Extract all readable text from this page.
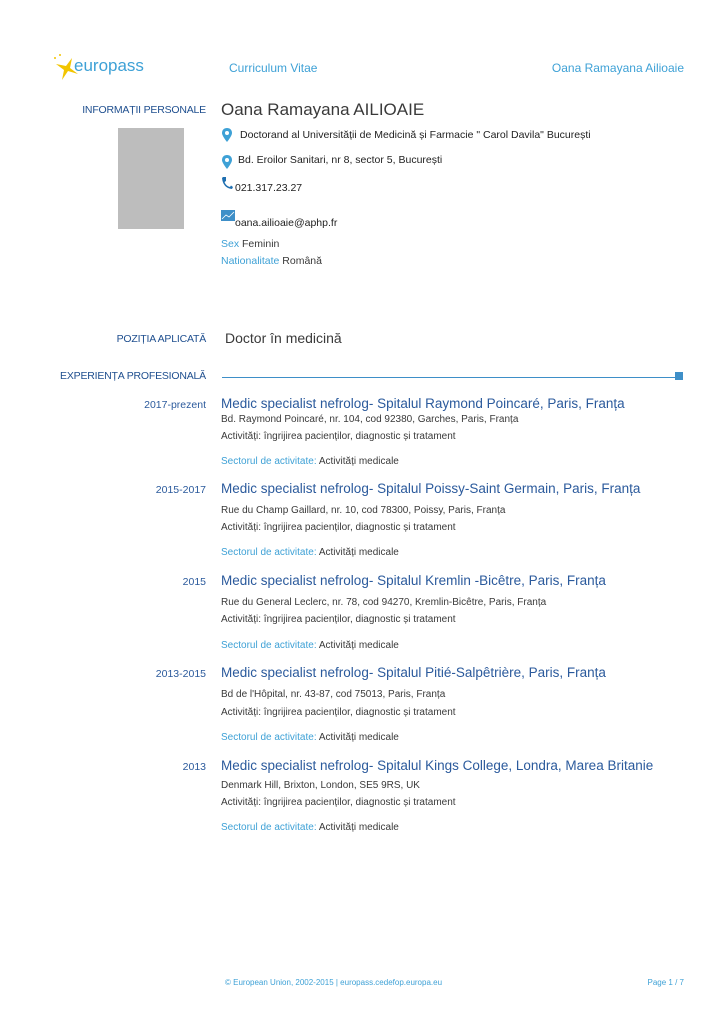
europass	Curriculum Vitae	Oana Ramayana Ailioaie
INFORMAȚII PERSONALE Oana Ramayana AILIOAIE
Doctorand al Universității de Medicină și Farmacie " Carol Davila" București
Bd. Eroilor Sanitari, nr 8, sector 5, București
021.317.23.27
oana.ailioaie@aphp.fr
Sex Feminin
Nationalitate Română
POZIȚIA APLICATĂ Doctor în medicină
EXPERIENȚA PROFESIONALĂ
2017-prezent Medic specialist nefrolog- Spitalul Raymond Poincaré, Paris, Franța
Bd. Raymond Poincaré, nr. 104, cod 92380, Garches, Paris, Franța
Activități: îngrijirea pacienților, diagnostic și tratament
Sectorul de activitate: Activități medicale
2015-2017 Medic specialist nefrolog- Spitalul Poissy-Saint Germain, Paris, Franța
Rue du Champ Gaillard, nr. 10, cod 78300, Poissy, Paris, Franța
Activități: îngrijirea pacienților, diagnostic și tratament
Sectorul de activitate: Activități medicale
2015 Medic specialist nefrolog- Spitalul Kremlin -Bicêtre, Paris, Franța
Rue du General Leclerc, nr. 78, cod 94270, Kremlin-Bicêtre, Paris, Franța
Activități: îngrijirea pacienților, diagnostic și tratament
Sectorul de activitate: Activități medicale
2013-2015 Medic specialist nefrolog- Spitalul Pitié-Salpêtrière, Paris, Franța
Bd de l'Hôpital, nr. 43-87, cod 75013, Paris, Franța
Activități: îngrijirea pacienților, diagnostic și tratament
Sectorul de activitate: Activități medicale
2013 Medic specialist nefrolog- Spitalul Kings College, Londra, Marea Britanie
Denmark Hill, Brixton, London, SE5 9RS, UK
Activități: îngrijirea pacienților, diagnostic și tratament
Sectorul de activitate: Activități medicale
© European Union, 2002-2015 | europass.cedefop.europa.eu	Page 1 / 7
